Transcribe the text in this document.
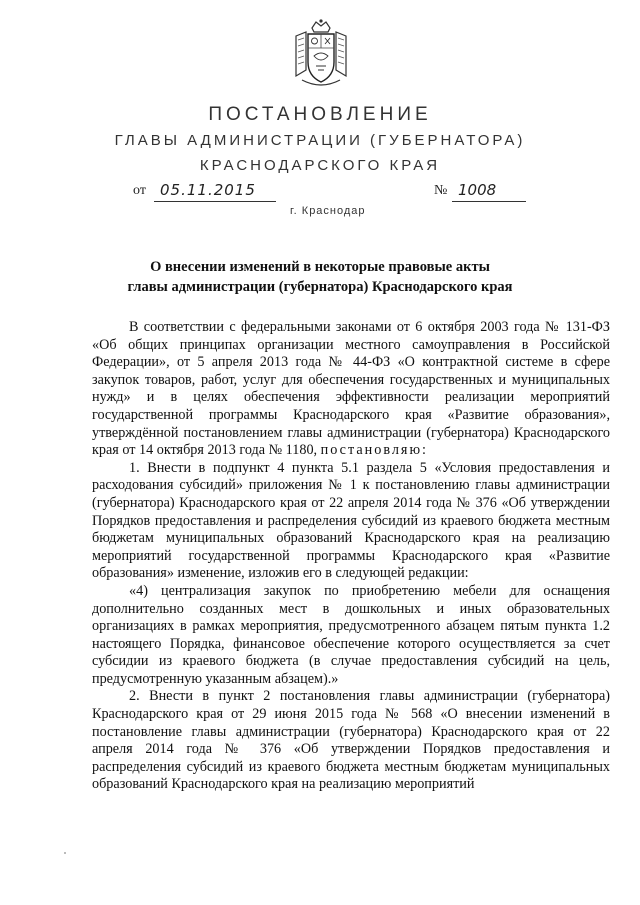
ПОСТАНОВЛЕНИЕ
ГЛАВЫ АДМИНИСТРАЦИИ (ГУБЕРНАТОРА)
КРАСНОДАРСКОГО КРАЯ
от 05.11.2015	№ 1008
г. Краснодар
О внесении изменений в некоторые правовые акты
главы администрации (губернатора) Краснодарского края

В соответствии с федеральными законами от 6 октября 2003 года № 131-ФЗ «Об общих принципах организации местного самоуправления в Российской Федерации», от 5 апреля 2013 года № 44-ФЗ «О контрактной системе в сфере закупок товаров, работ, услуг для обеспечения государственных и муниципальных нужд» и в целях обеспечения эффективности реализации мероприятий государственной программы Краснодарского края «Развитие образования», утверждённой постановлением главы администрации (губернатора) Краснодарского края от 14 октября 2013 года № 1180, постановляю:

1. Внести в подпункт 4 пункта 5.1 раздела 5 «Условия предоставления и расходования субсидий» приложения № 1 к постановлению главы администрации (губернатора) Краснодарского края от 22 апреля 2014 года № 376 «Об утверждении Порядков предоставления и распределения субсидий из краевого бюджета местным бюджетам муниципальных образований Краснодарского края на реализацию мероприятий государственной программы Краснодарского края «Развитие образования» изменение, изложив его в следующей редакции:

«4) централизация закупок по приобретению мебели для оснащения дополнительно созданных мест в дошкольных и иных образовательных организациях в рамках мероприятия, предусмотренного абзацем пятым пункта 1.2 настоящего Порядка, финансовое обеспечение которого осуществляется за счет субсидии из краевого бюджета (в случае предоставления субсидий на цель, предусмотренную указанным абзацем).»

2. Внести в пункт 2 постановления главы администрации (губернатора) Краснодарского края от 29 июня 2015 года № 568 «О внесении изменений в постановление главы администрации (губернатора) Краснодарского края от 22 апреля 2014 года № 376 «Об утверждении Порядков предоставления и распределения субсидий из краевого бюджета местным бюджетам муниципальных образований Краснодарского края на реализацию мероприятий
